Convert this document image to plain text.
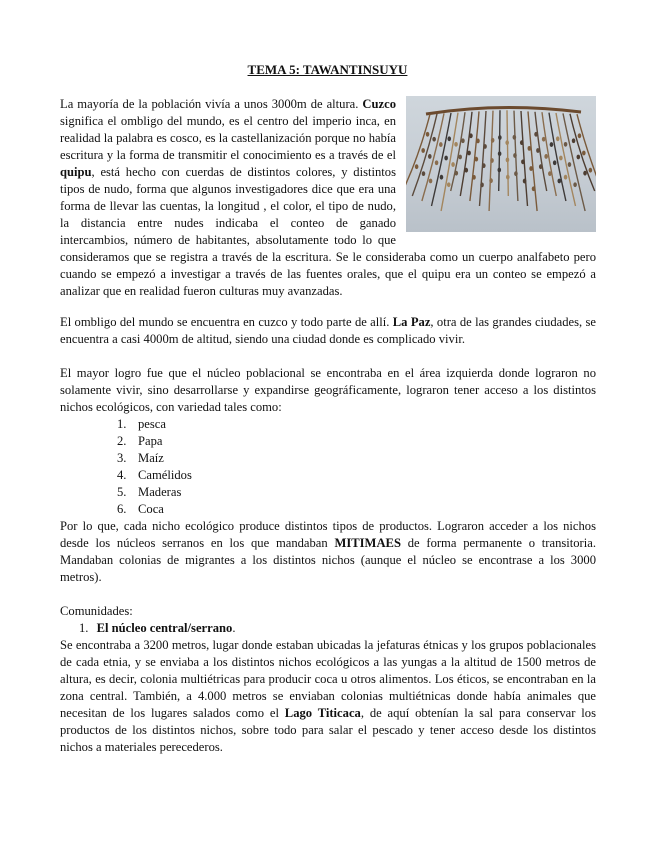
TEMA 5: TAWANTINSUYU

La mayoría de la población vivía a unos 3000m de altura. Cuzco significa el ombligo del mundo, es el centro del imperio inca, en realidad la palabra es cosco, es la castellanización porque no había escritura y la forma de transmitir el conocimiento es a través de el quipu, está hecho con cuerdas de distintos colores, y distintos tipos de nudo, forma que algunos investigadores dice que era una forma de llevar las cuentas, la longitud , el color, el tipo de nudo, la distancia entre nudes indicaba el conteo de ganado intercambios, número de habitantes, absolutamente todo lo que consideramos que se registra a través de la escritura. Se le consideraba como un cuerpo analfabeto pero cuando se empezó a investigar a través de las fuentes orales, que el quipu era un conteo se empezó a analizar que en realidad fueron culturas muy avanzadas.

El ombligo del mundo se encuentra en cuzco y todo parte de allí. La Paz, otra de las grandes ciudades, se encuentra a casi 4000m de altitud, siendo una ciudad donde es complicado vivir.

El mayor logro fue que el núcleo poblacional se encontraba en el área izquierda donde lograron no solamente vivir, sino desarrollarse y expandirse geográficamente, lograron tener acceso a los distintos nichos ecológicos, con variedad tales como:

1. pesca
2. Papa
3. Maíz
4. Camélidos
5. Maderas
6. Coca

Por lo que, cada nicho ecológico produce distintos tipos de productos. Lograron acceder a los nichos desde los núcleos serranos en los que mandaban MITIMAES de forma permanente o transitoria. Mandaban colonias de migrantes a los distintos nichos (aunque el núcleo se encontrase a los 3000 metros).

Comunidades:

1. El núcleo central/serrano.

Se encontraba a 3200 metros, lugar donde estaban ubicadas la jefaturas étnicas y los grupos poblacionales de cada etnia, y se enviaba a los distintos nichos ecológicos a las yungas a la altitud de 1500 metros de altura, es decir, colonia multiétricas para producir coca u otros alimentos. Los éticos, se encontraban en la zona central. También, a 4.000 metros se enviaban colonias multiétnicas donde había animales que necesitan de los lugares salados como el Lago Titicaca, de aquí obtenían la sal para conservar los productos de los distintos nichos, sobre todo para salar el pescado y tener acceso desde los distintos nichos a materiales perecederos.
